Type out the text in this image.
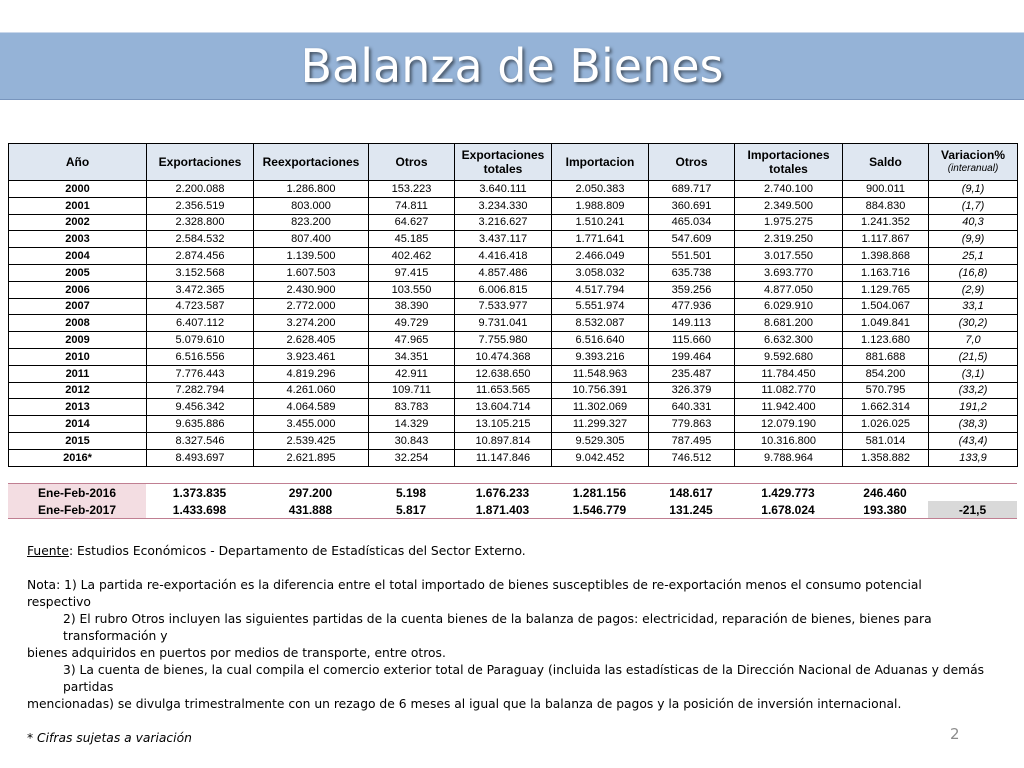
Balanza de Bienes
Año	Exportaciones	Reexportaciones	Otros	Exportaciones totales	Importacion	Otros	Importaciones totales	Saldo	Variacion%
(interanual)

2000	2.200.088	1.286.800	153.223	3.640.111	2.050.383	689.717	2.740.100	900.011	(9,1)
2001	2.356.519	803.000	74.811	3.234.330	1.988.809	360.691	2.349.500	884.830	(1,7)
2002	2.328.800	823.200	64.627	3.216.627	1.510.241	465.034	1.975.275	1.241.352	40,3
2003	2.584.532	807.400	45.185	3.437.117	1.771.641	547.609	2.319.250	1.117.867	(9,9)
2004	2.874.456	1.139.500	402.462	4.416.418	2.466.049	551.501	3.017.550	1.398.868	25,1
2005	3.152.568	1.607.503	97.415	4.857.486	3.058.032	635.738	3.693.770	1.163.716	(16,8)
2006	3.472.365	2.430.900	103.550	6.006.815	4.517.794	359.256	4.877.050	1.129.765	(2,9)
2007	4.723.587	2.772.000	38.390	7.533.977	5.551.974	477.936	6.029.910	1.504.067	33,1
2008	6.407.112	3.274.200	49.729	9.731.041	8.532.087	149.113	8.681.200	1.049.841	(30,2)
2009	5.079.610	2.628.405	47.965	7.755.980	6.516.640	115.660	6.632.300	1.123.680	7,0
2010	6.516.556	3.923.461	34.351	10.474.368	9.393.216	199.464	9.592.680	881.688	(21,5)
2011	7.776.443	4.819.296	42.911	12.638.650	11.548.963	235.487	11.784.450	854.200	(3,1)
2012	7.282.794	4.261.060	109.711	11.653.565	10.756.391	326.379	11.082.770	570.795	(33,2)
2013	9.456.342	4.064.589	83.783	13.604.714	11.302.069	640.331	11.942.400	1.662.314	191,2
2014	9.635.886	3.455.000	14.329	13.105.215	11.299.327	779.863	12.079.190	1.026.025	(38,3)
2015	8.327.546	2.539.425	30.843	10.897.814	9.529.305	787.495	10.316.800	581.014	(43,4)
2016*	8.493.697	2.621.895	32.254	11.147.846	9.042.452	746.512	9.788.964	1.358.882	133,9
Ene-Feb-2016	1.373.835	297.200	5.198	1.676.233	1.281.156	148.617	1.429.773	246.460	
Ene-Feb-2017	1.433.698	431.888	5.817	1.871.403	1.546.779	131.245	1.678.024	193.380	-21,5

Fuente: Estudios Económicos - Departamento de Estadísticas del Sector Externo.

Nota: 1) La partida re-exportación es la diferencia entre el total importado de bienes susceptibles de re-exportación menos el consumo potencial respectivo

2) El rubro Otros incluyen las siguientes partidas de la cuenta bienes de la balanza de pagos: electricidad, reparación de bienes, bienes para transformación y

bienes adquiridos en puertos por medios de transporte, entre otros.

3) La cuenta de bienes, la cual compila el comercio exterior total de Paraguay (incluida las estadísticas de la Dirección Nacional de Aduanas y demás partidas

mencionadas) se divulga trimestralmente con un rezago de 6 meses al igual que la balanza de pagos y la posición de inversión internacional.

* Cifras sujetas a variación	2
